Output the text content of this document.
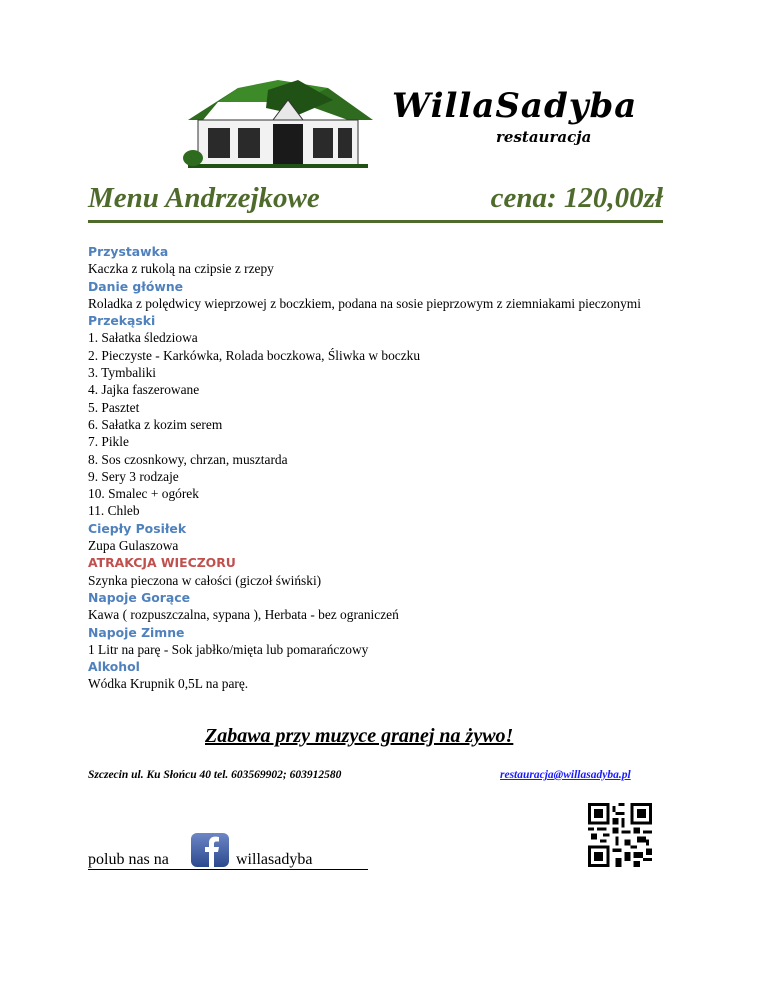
WillaSadyba
restauracja
Menu Andrzejkowe	cena: 120,00zł
Przystawka
Kaczka z rukolą na czipsie z rzepy
Danie główne
Roladka z polędwicy wieprzowej z boczkiem, podana na sosie pieprzowym z ziemniakami pieczonymi
Przekąski
1. Sałatka śledziowa
2. Pieczyste - Karkówka, Rolada boczkowa, Śliwka w boczku
3. Tymbaliki
4. Jajka faszerowane
5. Pasztet
6. Sałatka z kozim serem
7. Pikle
8. Sos czosnkowy, chrzan, musztarda
9. Sery 3 rodzaje
10. Smalec + ogórek
11. Chleb
Ciepły Posiłek
Zupa Gulaszowa
ATRAKCJA WIECZORU
Szynka pieczona w całości (giczoł świński)
Napoje Gorące
Kawa ( rozpuszczalna, sypana ), Herbata - bez ograniczeń
Napoje Zimne
1 Litr na parę - Sok jabłko/mięta lub pomarańczowy
Alkohol
Wódka Krupnik 0,5L na parę.
Zabawa przy muzyce granej na żywo!
Szczecin ul. Ku Słońcu 40 tel. 603569902; 603912580	restauracja@willasadyba.pl
polub nas na	willasadyba
